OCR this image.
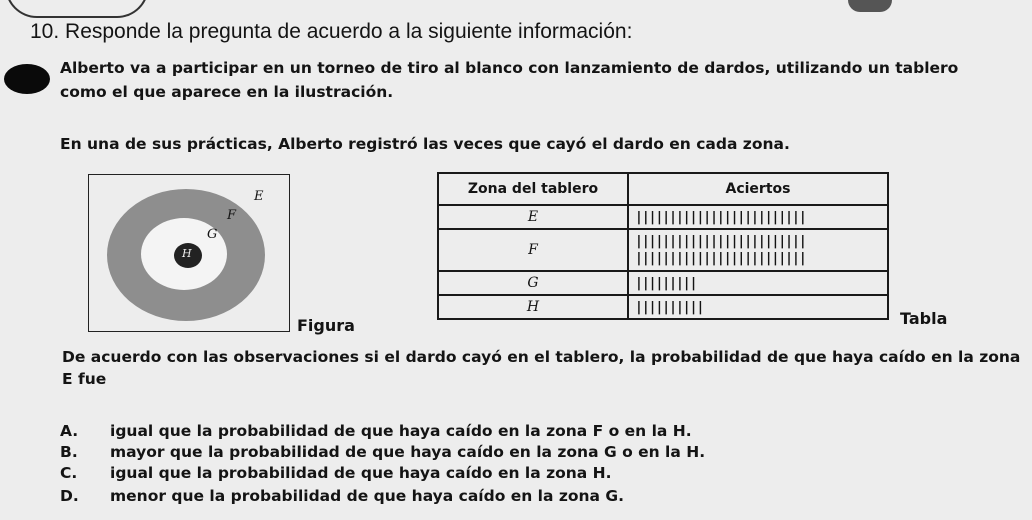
10. Responde la pregunta de acuerdo a la siguiente información:
Alberto va a participar en un torneo de tiro al blanco con lanzamiento de dardos, utilizando un tablero
como el que aparece en la ilustración.
En una de sus prácticas, Alberto registró las veces que cayó el dardo en cada zona.
E
F
G
H
Figura
Zona del tablero	Aciertos
E	|||||||||||||||||||||||||

F	|||||||||||||||||||||||||
|||||||||||||||||||||||||

G	|||||||||

H	||||||||||
Tabla
De acuerdo con las observaciones si el dardo cayó en el tablero, la probabilidad de que haya caído en la zona E fue
A. igual que la probabilidad de que haya caído en la zona F o en la H.
B. mayor que la probabilidad de que haya caído en la zona G o en la H.
C. igual que la probabilidad de que haya caído en la zona H.
D. menor que la probabilidad de que haya caído en la zona G.
